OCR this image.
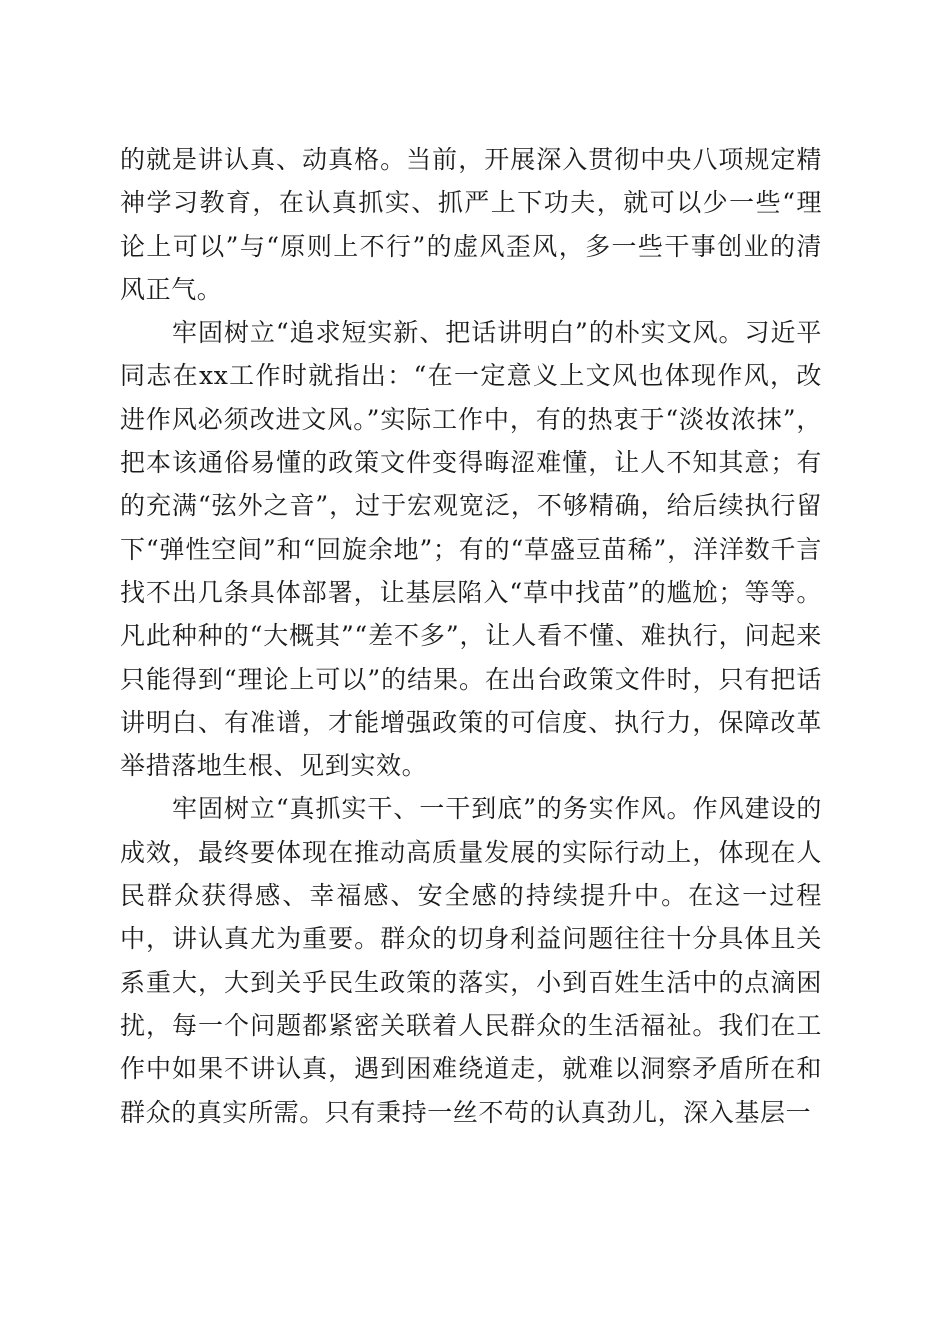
的就是讲认真、动真格。当前，开展深入贯彻中央八项规定精神学习教育，在认真抓实、抓严上下功夫，就可以少一些“理论上可以”与“原则上不行”的虚风歪风，多一些干事创业的清风正气。

牢固树立“追求短实新、把话讲明白”的朴实文风。习近平同志在xx工作时就指出：“在一定意义上文风也体现作风，改进作风必须改进文风。”实际工作中，有的热衷于“淡妆浓抹”，把本该通俗易懂的政策文件变得晦涩难懂，让人不知其意；有的充满“弦外之音”，过于宏观宽泛，不够精确，给后续执行留下“弹性空间”和“回旋余地”；有的“草盛豆苗稀”，洋洋数千言找不出几条具体部署，让基层陷入“草中找苗”的尴尬；等等。凡此种种的“大概其”“差不多”，让人看不懂、难执行，问起来只能得到“理论上可以”的结果。在出台政策文件时，只有把话讲明白、有准谱，才能增强政策的可信度、执行力，保障改革举措落地生根、见到实效。

牢固树立“真抓实干、一干到底”的务实作风。作风建设的成效，最终要体现在推动高质量发展的实际行动上，体现在人民群众获得感、幸福感、安全感的持续提升中。在这一过程中，讲认真尤为重要。群众的切身利益问题往往十分具体且关系重大，大到关乎民生政策的落实，小到百姓生活中的点滴困扰，每一个问题都紧密关联着人民群众的生活福祉。我们在工作中如果不讲认真，遇到困难绕道走，就难以洞察矛盾所在和群众的真实所需。只有秉持一丝不苟的认真劲儿，深入基层一
